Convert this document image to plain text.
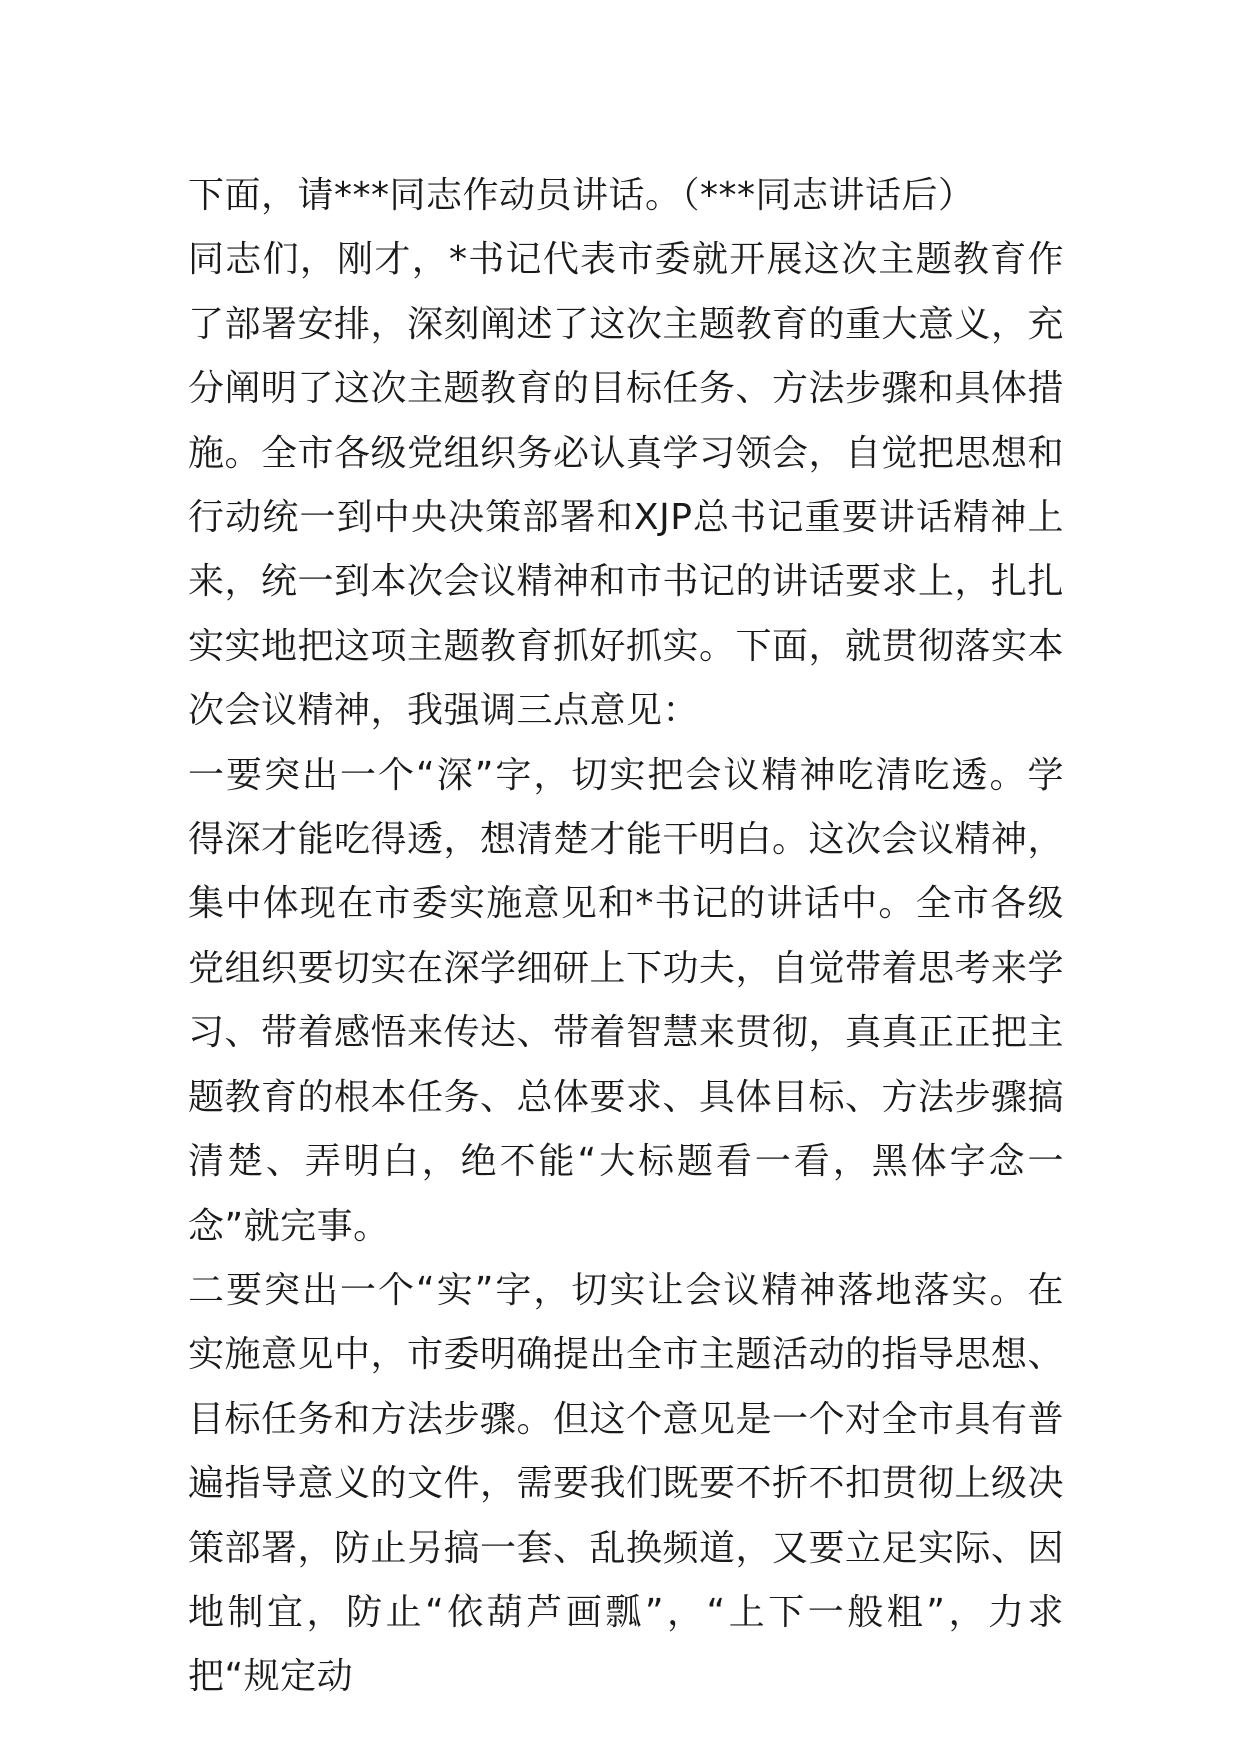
下面，请***同志作动员讲话。（***同志讲话后）

同志们，刚才，*书记代表市委就开展这次主题教育作了部署安排，深刻阐述了这次主题教育的重大意义，充分阐明了这次主题教育的目标任务、方法步骤和具体措施。全市各级党组织务必认真学习领会，自觉把思想和行动统一到中央决策部署和XJP总书记重要讲话精神上来，统一到本次会议精神和市书记的讲话要求上，扎扎实实地把这项主题教育抓好抓实。下面，就贯彻落实本次会议精神，我强调三点意见：

一要突出一个“深”字，切实把会议精神吃清吃透。学得深才能吃得透，想清楚才能干明白。这次会议精神，集中体现在市委实施意见和*书记的讲话中。全市各级党组织要切实在深学细研上下功夫，自觉带着思考来学习、带着感悟来传达、带着智慧来贯彻，真真正正把主题教育的根本任务、总体要求、具体目标、方法步骤搞清楚、弄明白，绝不能“大标题看一看，黑体字念一念”就完事。

二要突出一个“实”字，切实让会议精神落地落实。在实施意见中，市委明确提出全市主题活动的指导思想、目标任务和方法步骤。但这个意见是一个对全市具有普遍指导意义的文件，需要我们既要不折不扣贯彻上级决策部署，防止另搞一套、乱换频道，又要立足实际、因地制宜，防止“依葫芦画瓢”，“上下一般粗”，力求把“规定动
